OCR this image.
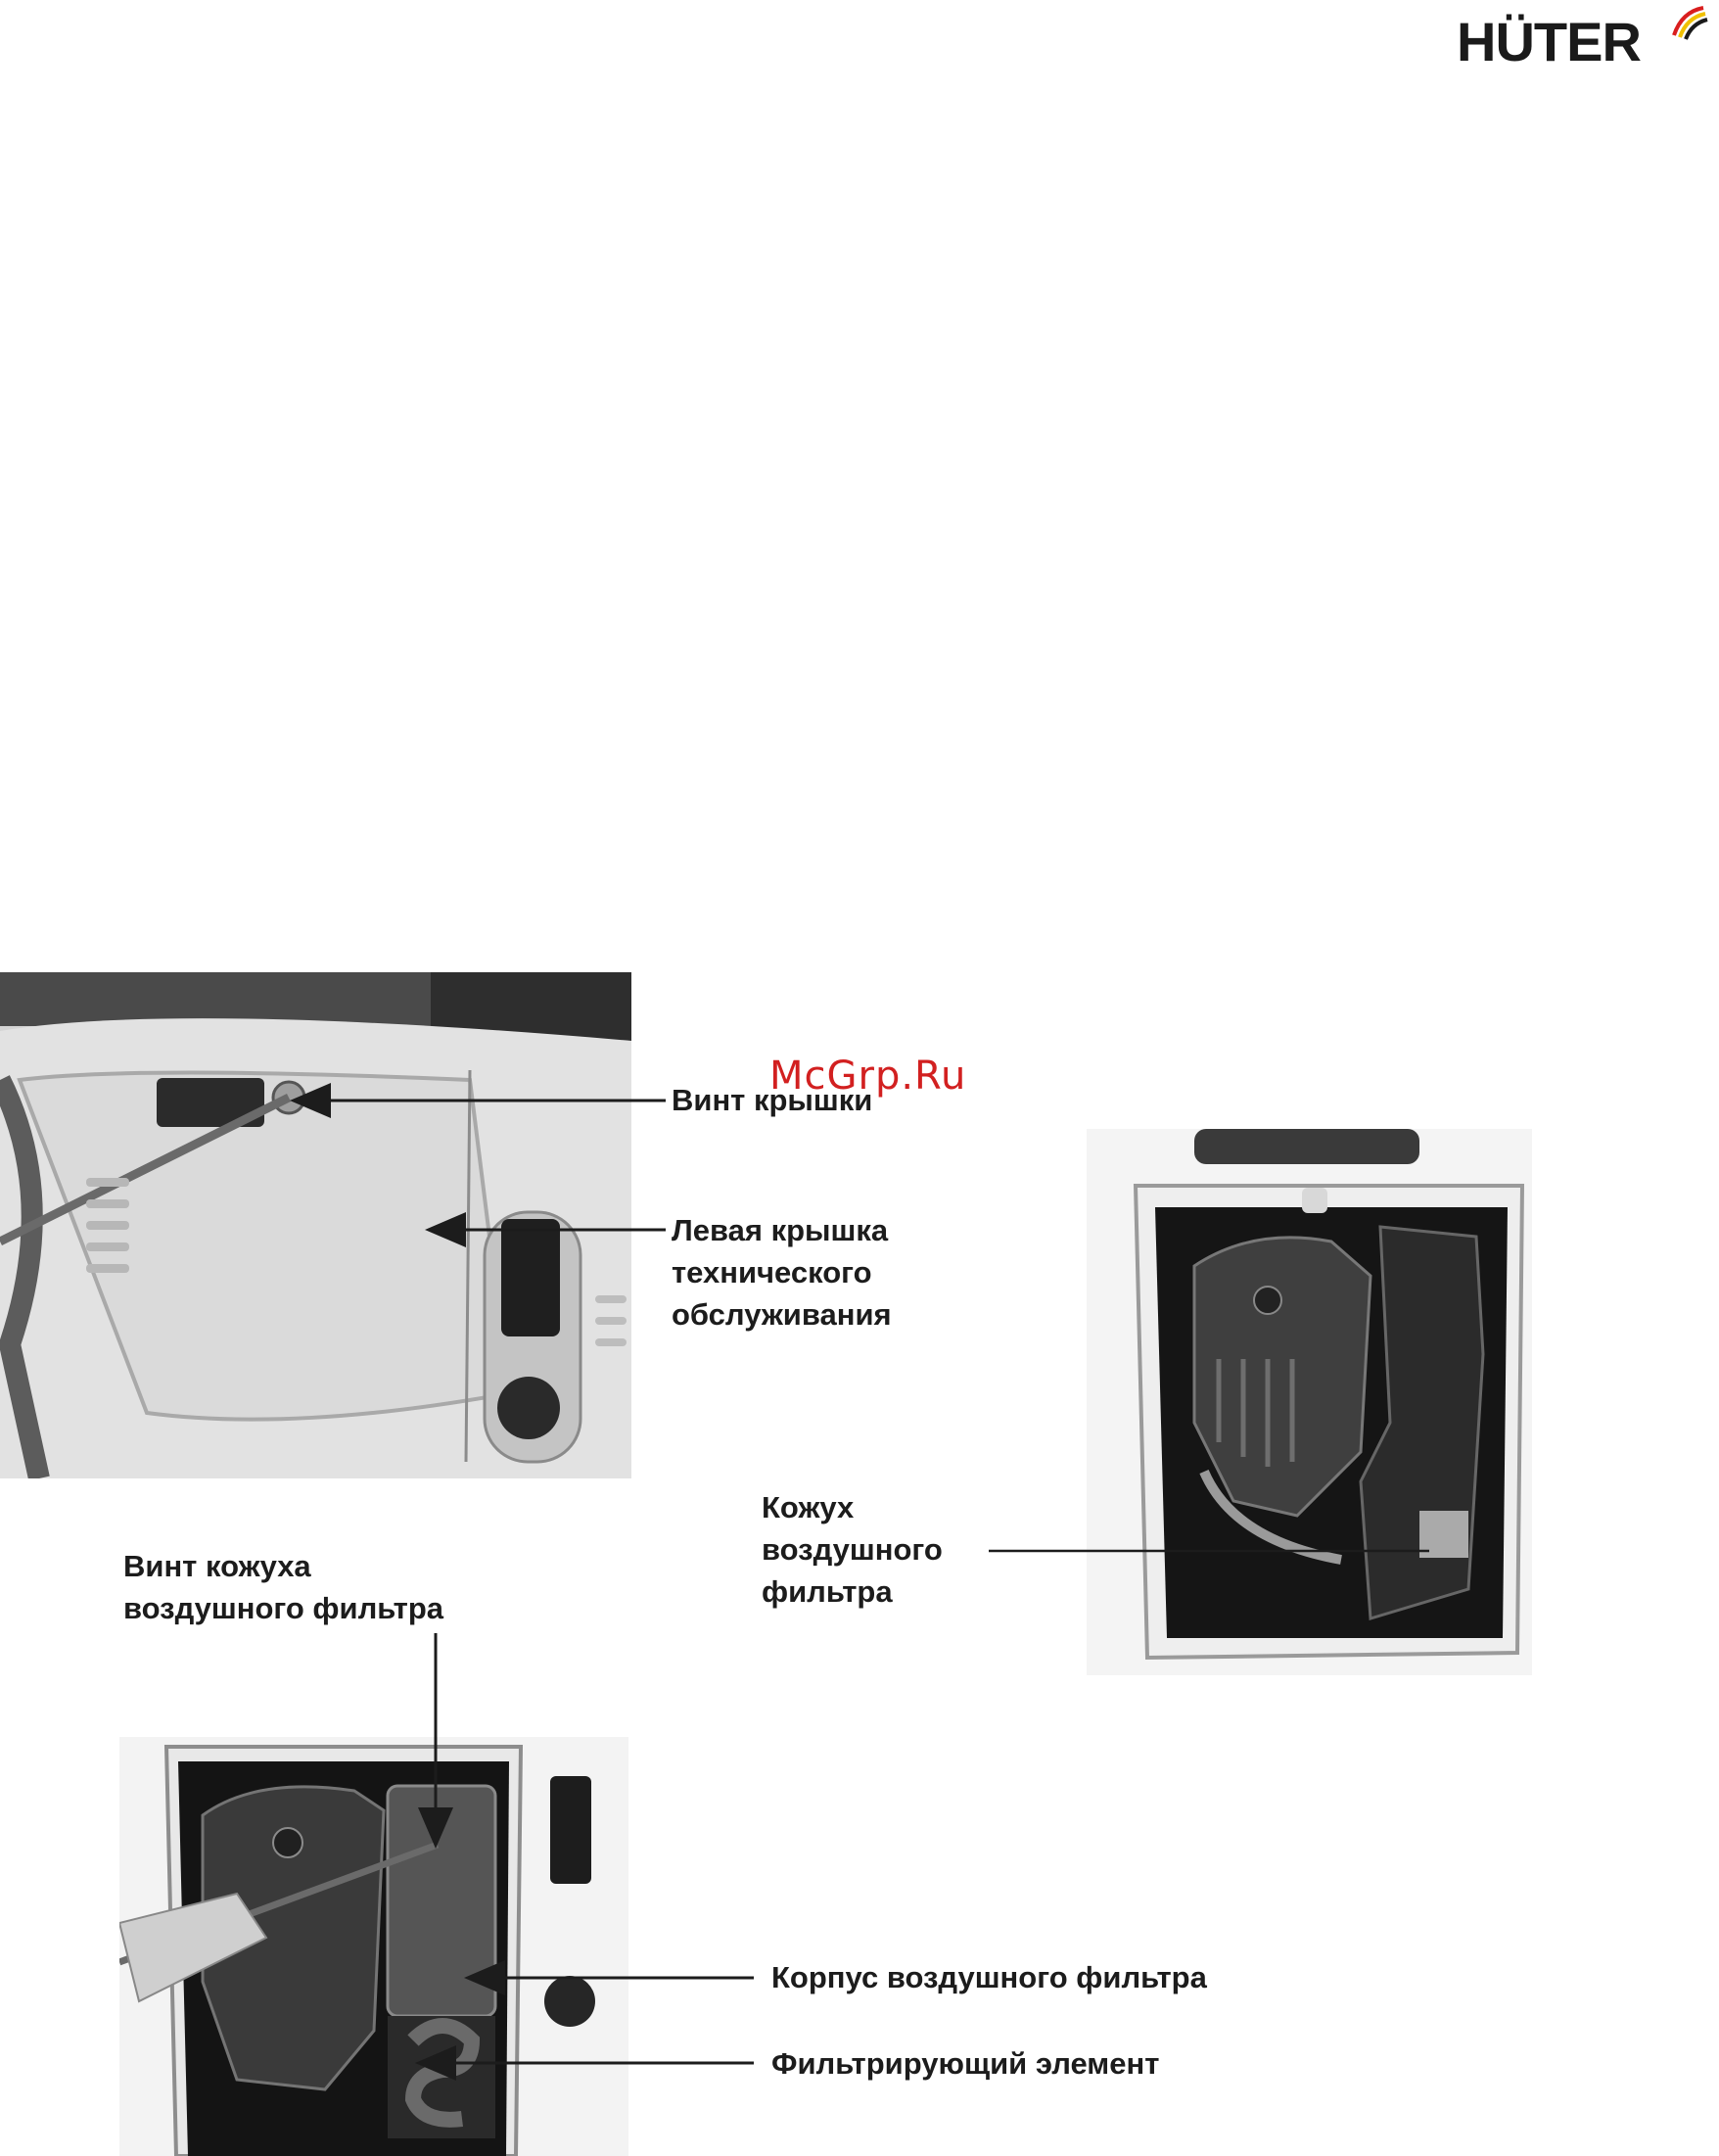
HÜTER
Винт крышки
Левая крышка
технического
обслуживания
Кожух
воздушного
фильтра
Винт кожуха
воздушного фильтра
Корпус воздушного фильтра
Фильтрирующий элемент
McGrp.Ru
